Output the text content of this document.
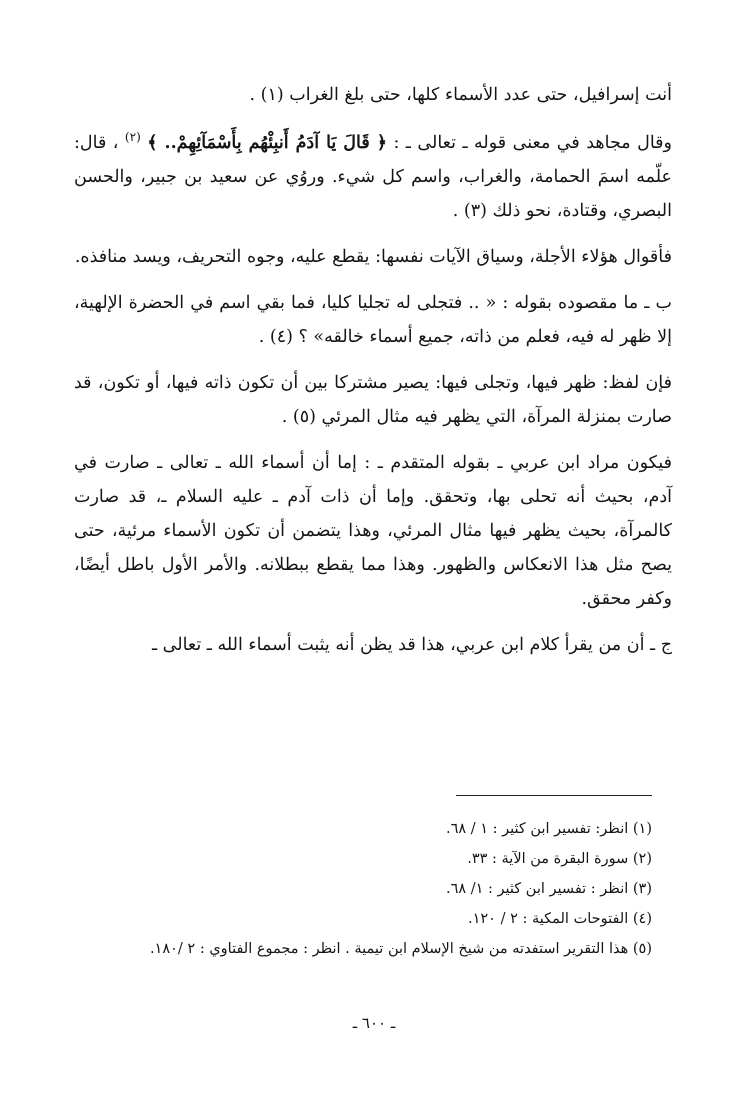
أنت إسرافيل، حتى عدد الأسماء كلها، حتى بلغ الغراب (١) .

وقال مجاهد في معنى قوله ـ تعالى ـ : ﴿ قَالَ يَا آدَمُ أَنبِئْهُم بِأَسْمَآئِهِمْ.. ﴾ $^{(٢)}$ ، قال: علّمه اسمَ الحمامة، والغراب، واسم كل شيء. وروُي عن سعيد بن جبير، والحسن البصري، وقتادة، نحو ذلك (٣) .

فأقوال هؤلاء الأجلة، وسياق الآيات نفسها: يقطع عليه، وجوه التحريف، ويسد منافذه.

ب ـ ما مقصوده بقوله : « .. فتجلى له تجليا كليا، فما بقي اسم في الحضرة الإلهية، إلا ظهر له فيه، فعلم من ذاته، جميع أسماء خالقه» ؟ (٤) .

فإن لفظ: ظهر فيها، وتجلى فيها: يصير مشتركا بين أن تكون ذاته فيها، أو تكون، قد صارت بمنزلة المرآة، التي يظهر فيه مثال المرئي (٥) .

فيكون مراد ابن عربي ـ بقوله المتقدم ـ : إما أن أسماء الله ـ تعالى ـ صارت في آدم، بحيث أنه تحلى بها، وتحقق. وإما أن ذات آدم ـ عليه السلام ـ، قد صارت كالمرآة، بحيث يظهر فيها مثال المرئي، وهذا يتضمن أن تكون الأسماء مرئية، حتى يصح مثل هذا الانعكاس والظهور. وهذا مما يقطع ببطلانه. والأمر الأول باطل أيضًا، وكفر محقق.

ج ـ أن من يقرأ كلام ابن عربي، هذا قد يظن أنه يثبت أسماء الله ـ تعالى ـ

(١) انظر: تفسير ابن كثير : ١ / ٦٨.
(٢) سورة البقرة من الآية : ٣٣.
(٣) انظر : تفسير ابن كثير : ١/ ٦٨.
(٤) الفتوحات المكية : ٢ / ١٢٠.
(٥) هذا التقرير استفدته من شيخ الإسلام ابن تيمية . انظر : مجموع الفتاوي : ٢ /١٨٠.
ـ ٦٠٠ ـ
